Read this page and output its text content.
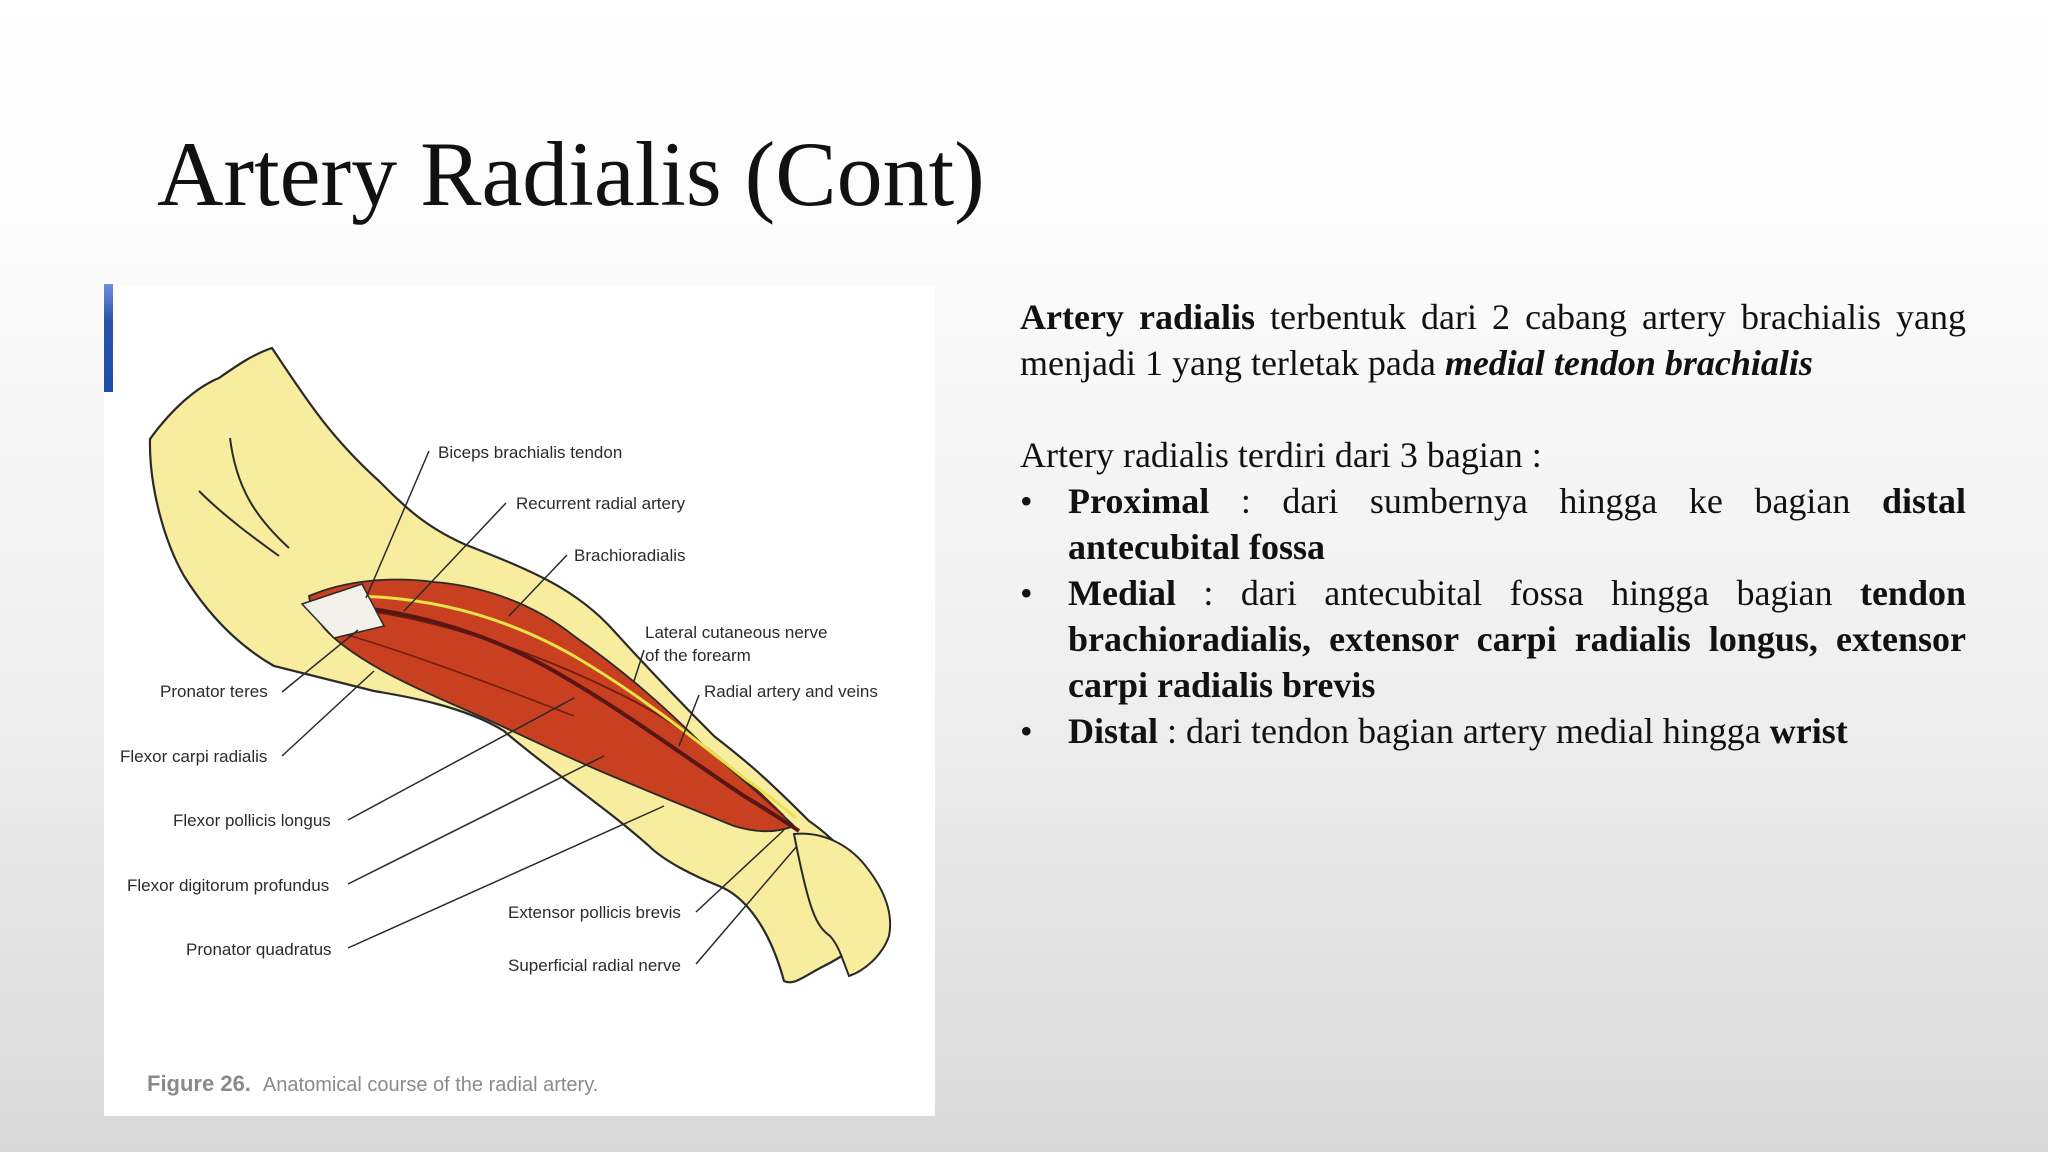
Artery Radialis (Cont)
Biceps brachialis tendon
Recurrent radial artery
Brachioradialis
Lateral cutaneous nerve
of the forearm
Radial artery and veins
Pronator teres
Flexor carpi radialis
Flexor pollicis longus
Flexor digitorum profundus
Pronator quadratus
Extensor pollicis brevis
Superficial radial nerve
Figure 26. Anatomical course of the radial artery.

Artery radialis terbentuk dari 2 cabang artery brachialis yang menjadi 1 yang terletak pada medial tendon brachialis

Artery radialis terdiri dari 3 bagian :

• Proximal : dari sumbernya hingga ke bagian distal antecubital fossa
• Medial : dari antecubital fossa hingga bagian tendon brachioradialis, extensor carpi radialis longus, extensor carpi radialis brevis
• Distal : dari tendon bagian artery medial hingga wrist
